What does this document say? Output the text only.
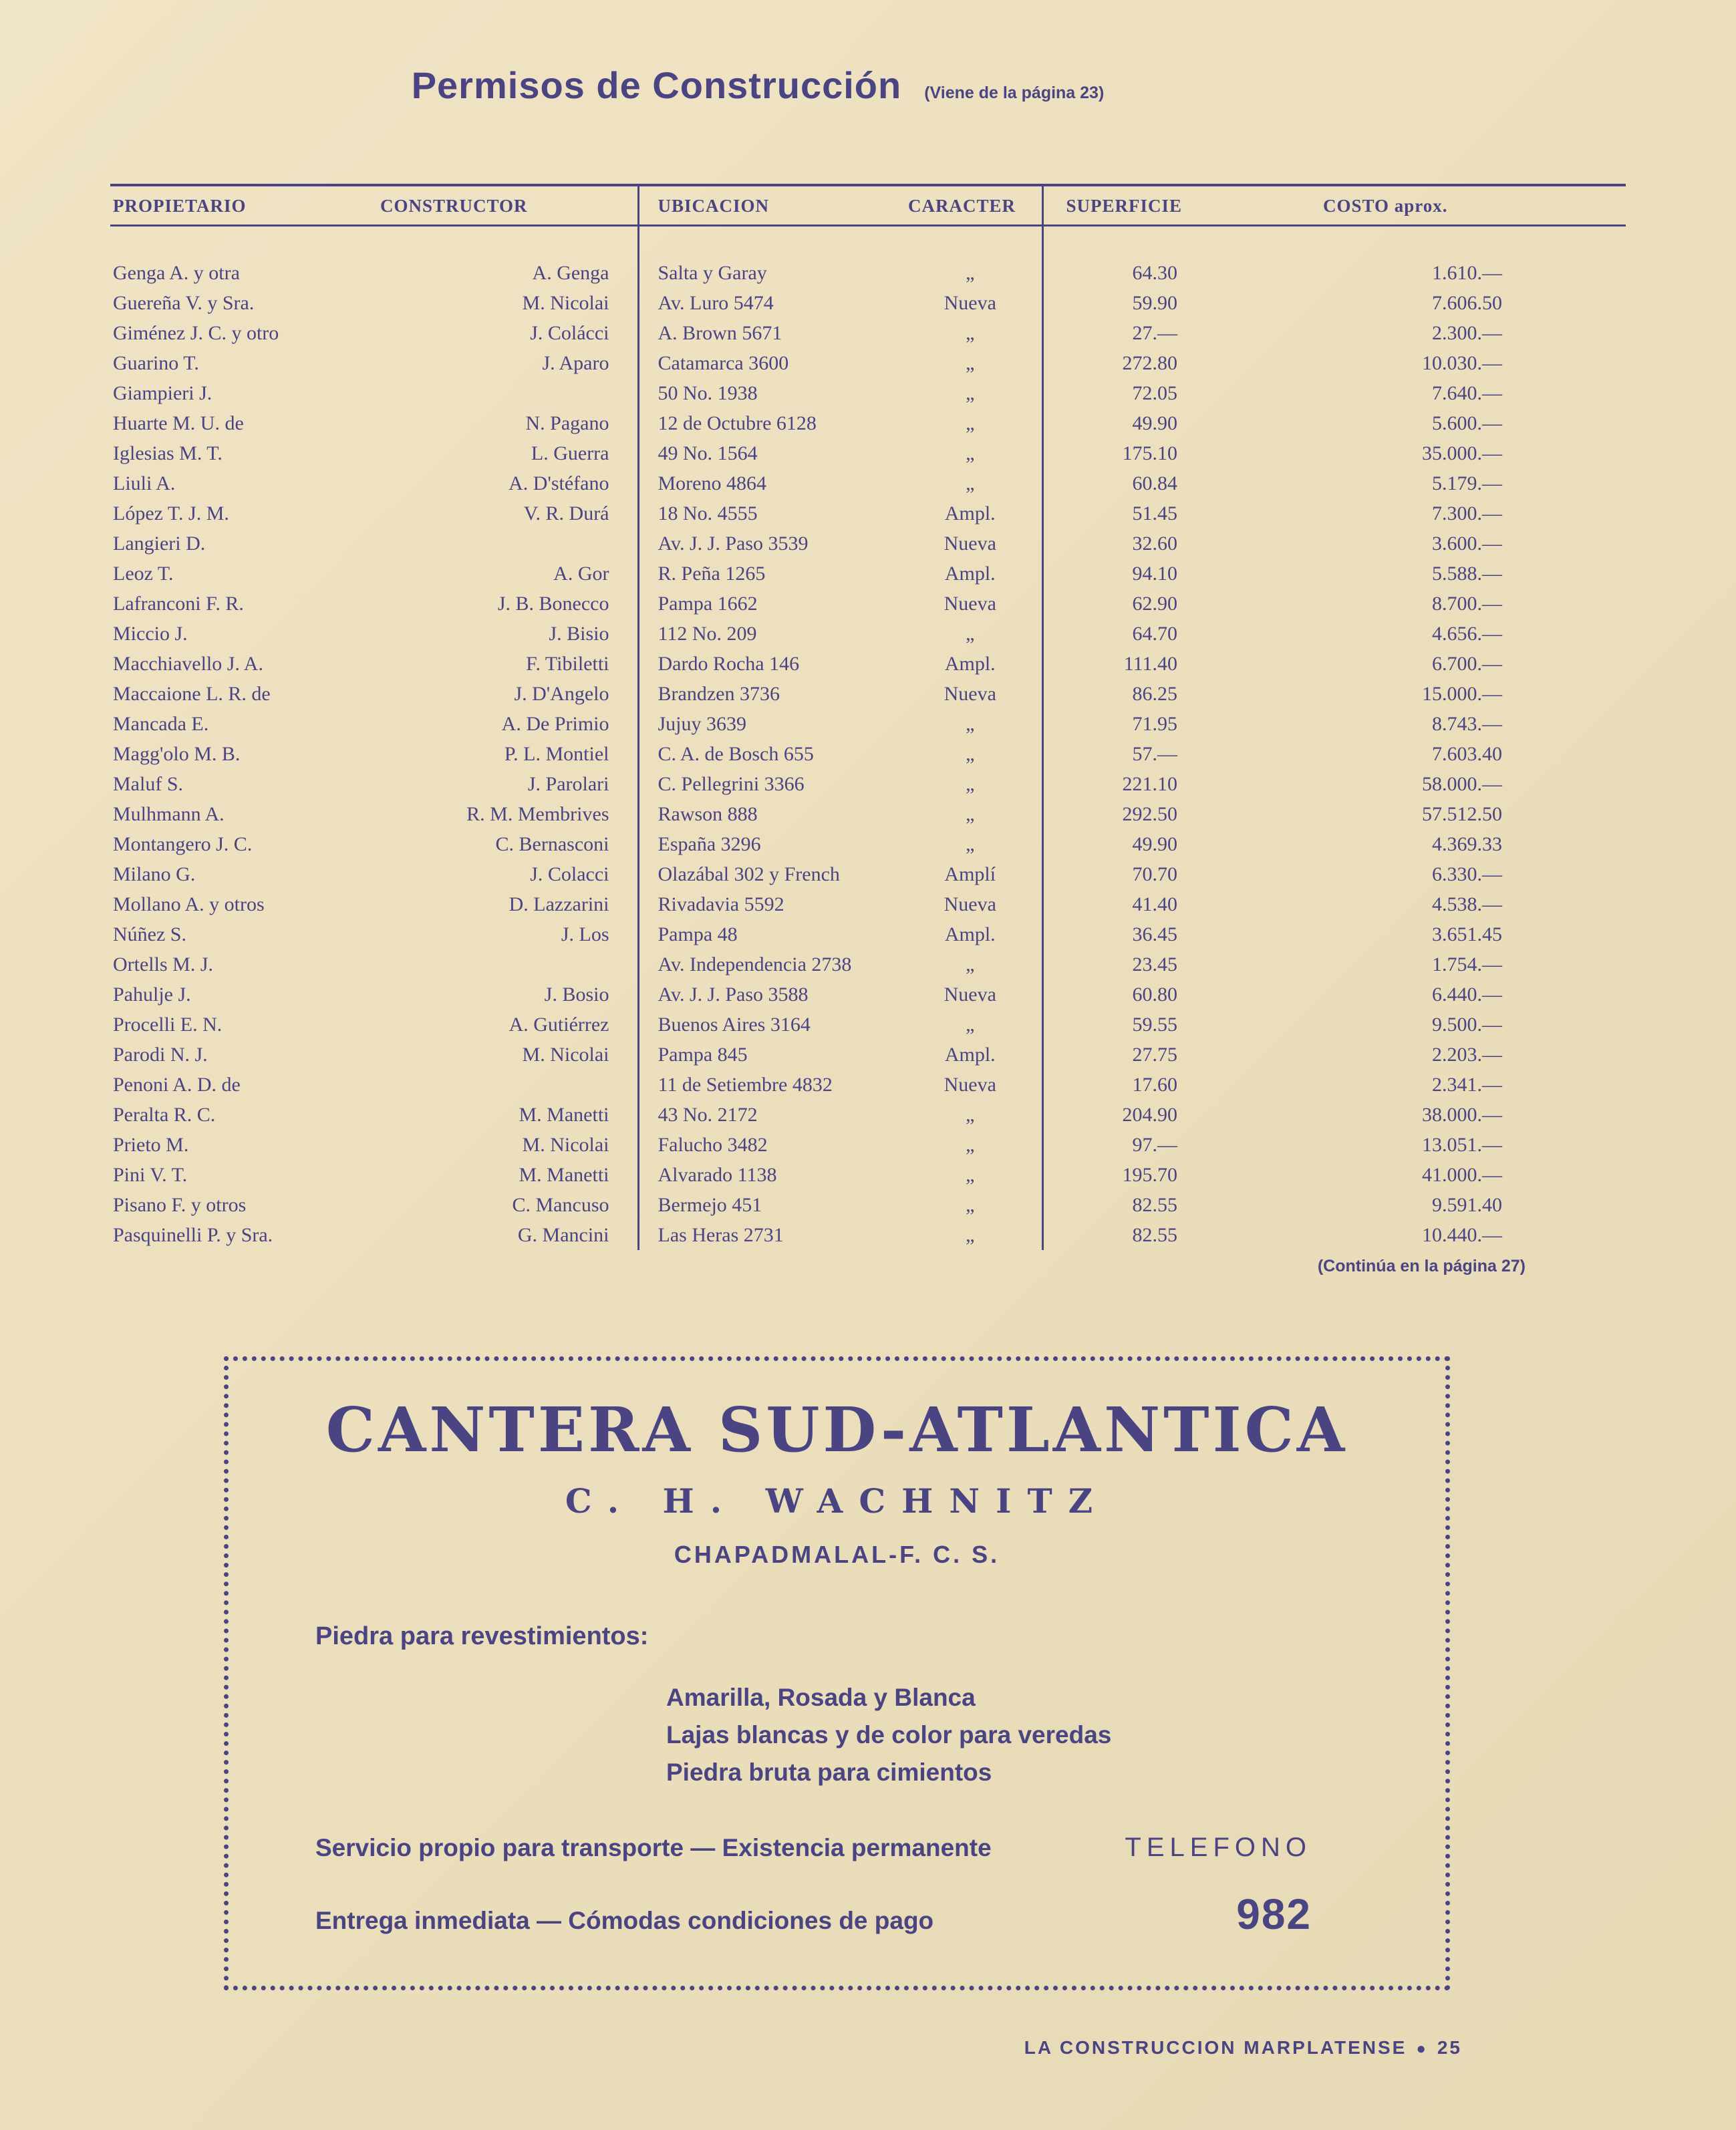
Permisos de Construcción (Viene de la página 23)
PROPIETARIO	CONSTRUCTOR	UBICACION	CARACTER	SUPERFICIE	COSTO aprox.
Genga A. y otra	A. Genga	Salta y Garay	„	64.30	1.610.—
Guereña V. y Sra.	M. Nicolai	Av. Luro 5474	Nueva	59.90	7.606.50
Giménez J. C. y otro	J. Colácci	A. Brown 5671	„	27.—	2.300.—
Guarino T.	J. Aparo	Catamarca 3600	„	272.80	10.030.—
Giampieri J.		50 No. 1938	„	72.05	7.640.—
Huarte M. U. de	N. Pagano	12 de Octubre 6128	„	49.90	5.600.—
Iglesias M. T.	L. Guerra	49 No. 1564	„	175.10	35.000.—
Liuli A.	A. D'stéfano	Moreno 4864	„	60.84	5.179.—
López T. J. M.	V. R. Durá	18 No. 4555	Ampl.	51.45	7.300.—
Langieri D.		Av. J. J. Paso 3539	Nueva	32.60	3.600.—
Leoz T.	A. Gor	R. Peña 1265	Ampl.	94.10	5.588.—
Lafranconi F. R.	J. B. Bonecco	Pampa 1662	Nueva	62.90	8.700.—
Miccio J.	J. Bisio	112 No. 209	„	64.70	4.656.—
Macchiavello J. A.	F. Tibiletti	Dardo Rocha 146	Ampl.	111.40	6.700.—
Maccaione L. R. de	J. D'Angelo	Brandzen 3736	Nueva	86.25	15.000.—
Mancada E.	A. De Primio	Jujuy 3639	„	71.95	8.743.—
Magg'olo M. B.	P. L. Montiel	C. A. de Bosch 655	„	57.—	7.603.40
Maluf S.	J. Parolari	C. Pellegrini 3366	„	221.10	58.000.—
Mulhmann A.	R. M. Membrives	Rawson 888	„	292.50	57.512.50
Montangero J. C.	C. Bernasconi	España 3296	„	49.90	4.369.33
Milano G.	J. Colacci	Olazábal 302 y French	Amplí	70.70	6.330.—
Mollano A. y otros	D. Lazzarini	Rivadavia 5592	Nueva	41.40	4.538.—
Núñez S.	J. Los	Pampa 48	Ampl.	36.45	3.651.45
Ortells M. J.		Av. Independencia 2738	„	23.45	1.754.—
Pahulje J.	J. Bosio	Av. J. J. Paso 3588	Nueva	60.80	6.440.—
Procelli E. N.	A. Gutiérrez	Buenos Aires 3164	„	59.55	9.500.—
Parodi N. J.	M. Nicolai	Pampa 845	Ampl.	27.75	2.203.—
Penoni A. D. de		11 de Setiembre 4832	Nueva	17.60	2.341.—
Peralta R. C.	M. Manetti	43 No. 2172	„	204.90	38.000.—
Prieto M.	M. Nicolai	Falucho 3482	„	97.—	13.051.—
Pini V. T.	M. Manetti	Alvarado 1138	„	195.70	41.000.—
Pisano F. y otros	C. Mancuso	Bermejo 451	„	82.55	9.591.40
Pasquinelli P. y Sra.	G. Mancini	Las Heras 2731	„	82.55	10.440.—
(Continúa en la página 27)
CANTERA SUD-ATLANTICA
C. H. WACHNITZ
CHAPADMALAL-F. C. S.
Piedra para revestimientos:
Amarilla, Rosada y Blanca
Lajas blancas y de color para veredas
Piedra bruta para cimientos
Servicio propio para transporte — Existencia permanente	TELEFONO
Entrega inmediata — Cómodas condiciones de pago	982
LA CONSTRUCCION MARPLATENSE ● 25
